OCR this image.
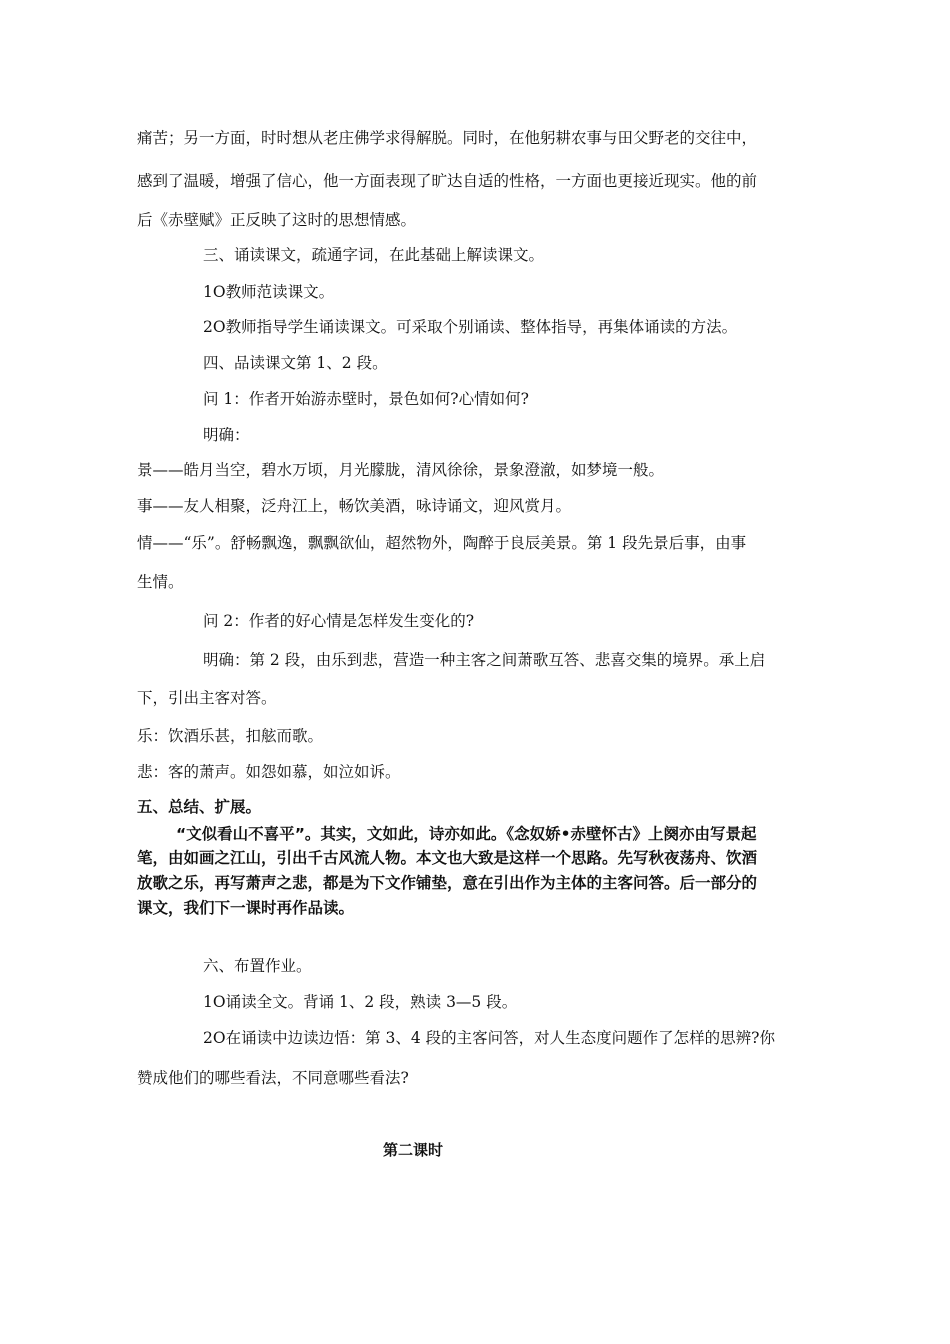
痛苦；另一方面，时时想从老庄佛学求得解脱。同时，在他躬耕农事与田父野老的交往中，
感到了温暖，增强了信心，他一方面表现了旷达自适的性格，一方面也更接近现实。他的前
后《赤壁赋》正反映了这时的思想情感。
三、诵读课文，疏通字词，在此基础上解读课文。
1O教师范读课文。
2O教师指导学生诵读课文。可采取个别诵读、整体指导，再集体诵读的方法。
四、品读课文第 1、2 段。
问 1：作者开始游赤壁时，景色如何?心情如何?
明确：
景——皓月当空，碧水万顷，月光朦胧，清风徐徐，景象澄澈，如梦境一般。
事——友人相聚，泛舟江上，畅饮美酒，咏诗诵文，迎风赏月。
情——“乐”。舒畅飘逸，飘飘欲仙，超然物外，陶醉于良辰美景。第 1 段先景后事，由事
生情。
问 2：作者的好心情是怎样发生变化的?
明确：第 2 段，由乐到悲，营造一种主客之间萧歌互答、悲喜交集的境界。承上启
下，引出主客对答。
乐：饮酒乐甚，扣舷而歌。
悲：客的萧声。如怨如慕，如泣如诉。
五、总结、扩展。
“文似看山不喜平”。其实，文如此，诗亦如此。《念奴娇•赤壁怀古》上阕亦由写景起
笔，由如画之江山，引出千古风流人物。本文也大致是这样一个思路。先写秋夜荡舟、饮酒
放歌之乐，再写萧声之悲，都是为下文作铺垫，意在引出作为主体的主客问答。后一部分的
课文，我们下一课时再作品读。
六、布置作业。
1O诵读全文。背诵 1、2 段，熟读 3—5 段。
2O在诵读中边读边悟：第 3、4 段的主客问答，对人生态度问题作了怎样的思辨?你
赞成他们的哪些看法，不同意哪些看法?
第二课时
